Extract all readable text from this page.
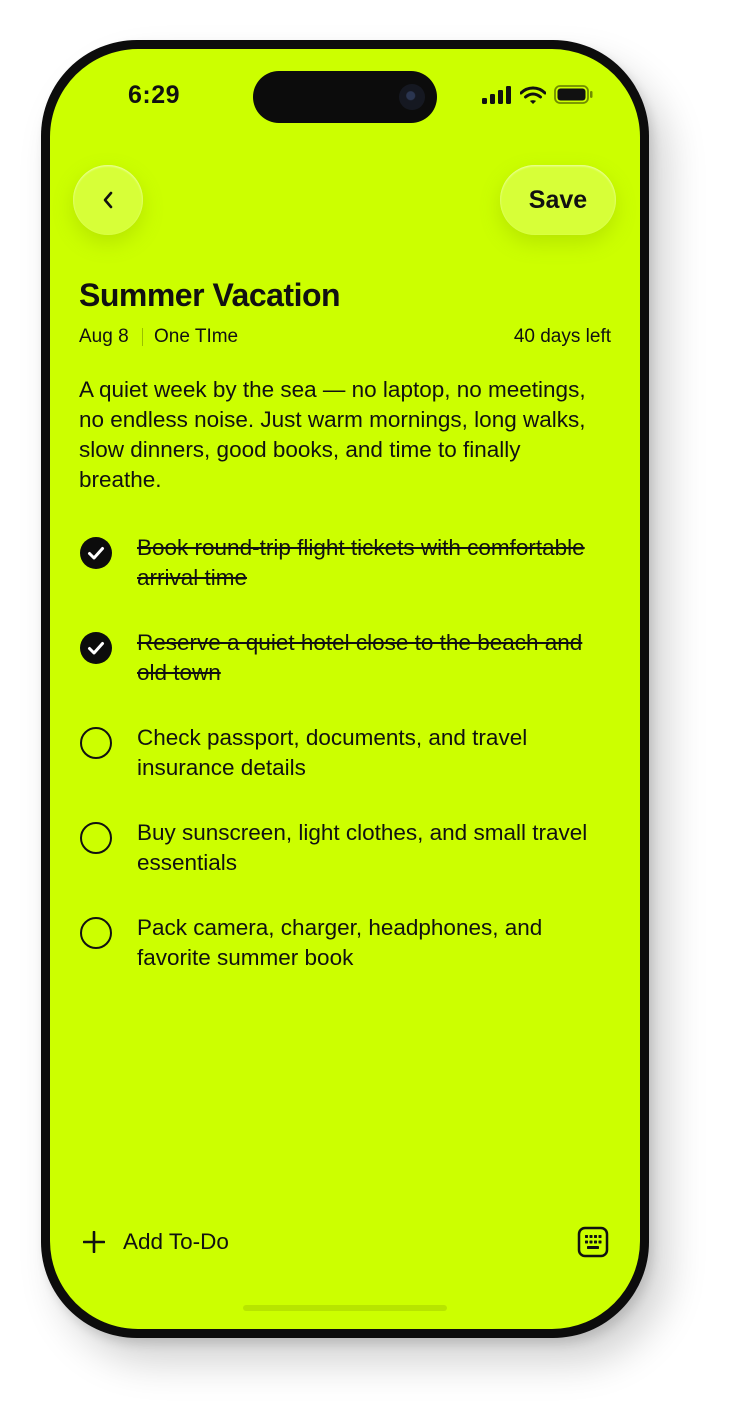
6:29
Save
Summer Vacation
Aug 8 One TIme	40 days left

A quiet week by the sea — no laptop, no meetings, no endless noise. Just warm mornings, long walks, slow dinners, good books, and time to finally breathe.

Book round-trip flight tickets with comfortable arrival time
Reserve a quiet hotel close to the beach and old town
Check passport, documents, and travel insurance details
Buy sunscreen, light clothes, and small travel essentials
Pack camera, charger, headphones, and favorite summer book
Add To-Do
